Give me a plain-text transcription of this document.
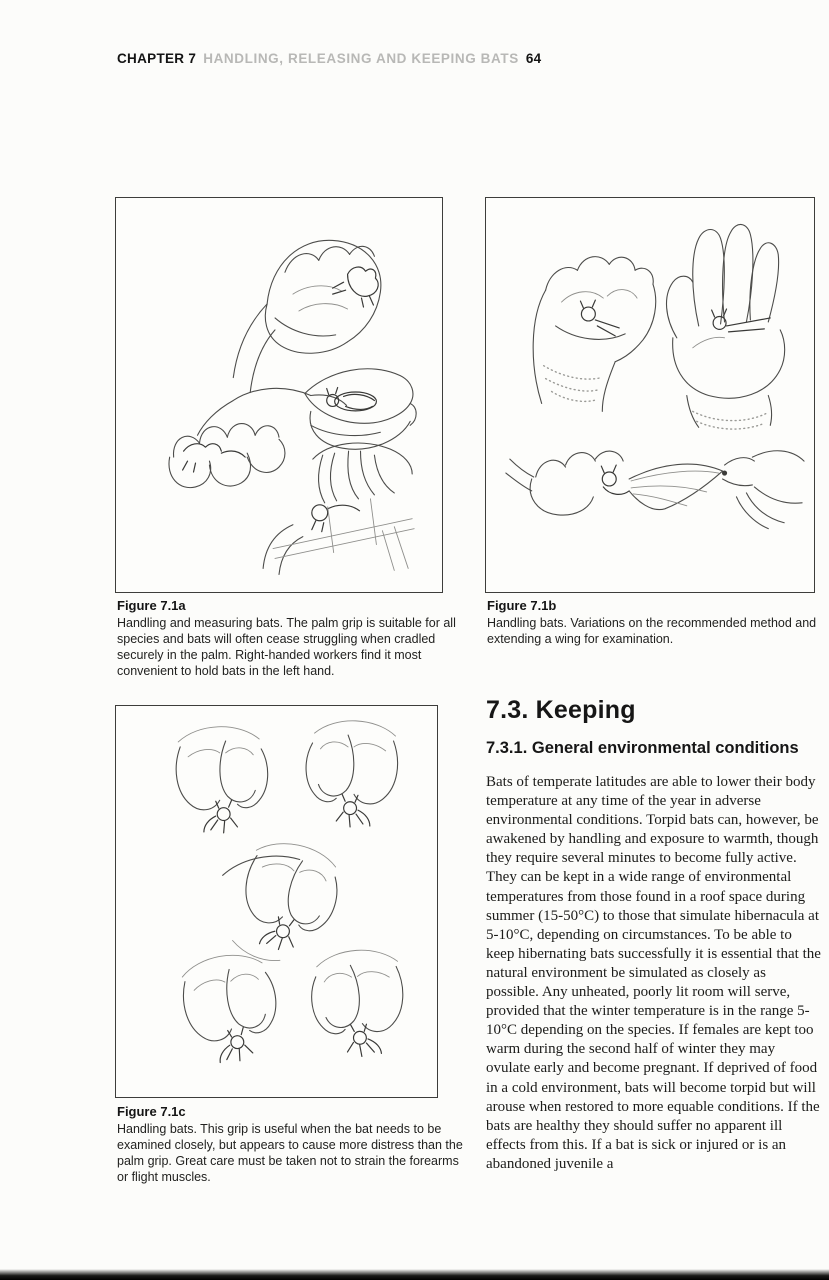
CHAPTER 7 HANDLING, RELEASING AND KEEPING BATS 64
Figure 7.1a
Handling and measuring bats. The palm grip is suitable for all species and bats will often cease struggling when cradled securely in the palm. Right-handed workers find it most convenient to hold bats in the left hand.
Figure 7.1b
Handling bats. Variations on the recommended method and extending a wing for examination.
Figure 7.1c
Handling bats. This grip is useful when the bat needs to be examined closely, but appears to cause more distress than the palm grip. Great care must be taken not to strain the forearms or flight muscles.
7.3. Keeping
7.3.1. General environmental conditions

Bats of temperate latitudes are able to lower their body temperature at any time of the year in adverse environmental conditions. Torpid bats can, however, be awakened by handling and exposure to warmth, though they require several minutes to become fully active. They can be kept in a wide range of environmental temperatures from those found in a roof space during summer (15-50°C) to those that simulate hibernacula at 5-10°C, depending on circumstances. To be able to keep hibernating bats successfully it is essential that the natural environment be simulated as closely as possible. Any unheated, poorly lit room will serve, provided that the winter temperature is in the range 5-10°C depending on the species. If females are kept too warm during the second half of winter they may ovulate early and become pregnant. If deprived of food in a cold environment, bats will become torpid but will arouse when restored to more equable conditions. If the bats are healthy they should suffer no apparent ill effects from this. If a bat is sick or injured or is an abandoned juvenile a
